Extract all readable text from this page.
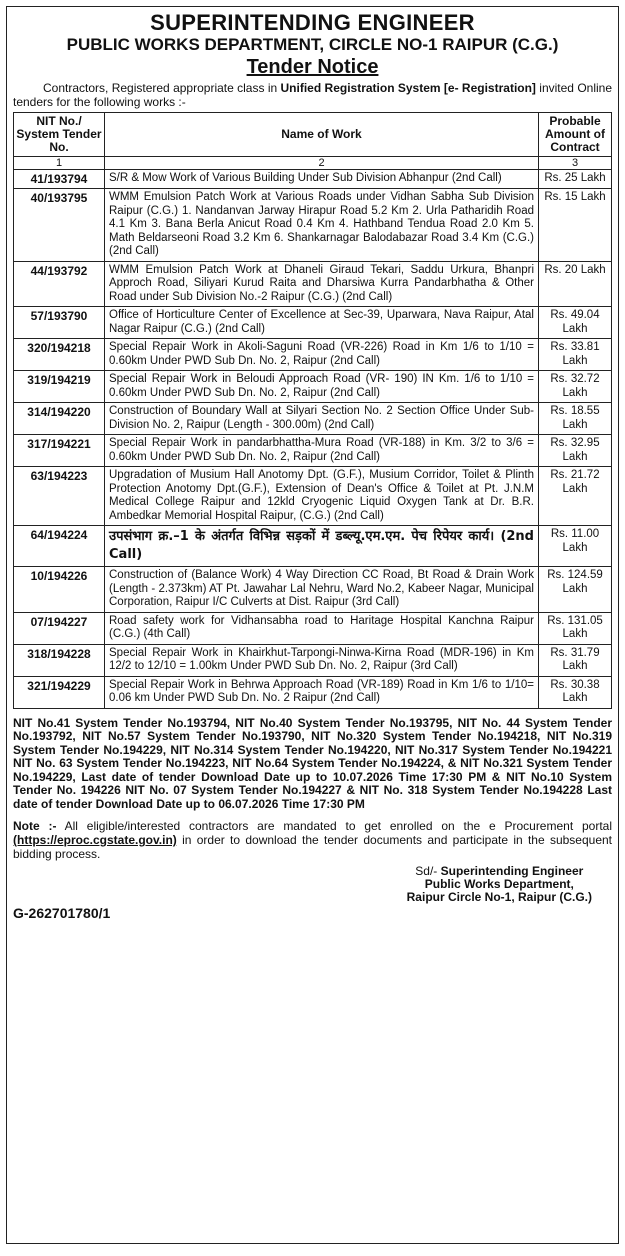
SUPERINTENDING ENGINEER
PUBLIC WORKS DEPARTMENT, CIRCLE NO-1 RAIPUR (C.G.)
Tender Notice
Contractors, Registered appropriate class in Unified Registration System [e- Registration] invited Online tenders for the following works :-
NIT No./ System Tender No.	Name of Work	Probable Amount of Contract
1	2	3
41/193794	S/R & Mow Work of Various Building Under Sub Division Abhanpur (2nd Call)	Rs. 25 Lakh
40/193795	WMM Emulsion Patch Work at Various Roads under Vidhan Sabha Sub Division Raipur (C.G.) 1. Nandanvan Jarway Hirapur Road 5.2 Km 2. Urla Patharidih Road 4.1 Km 3. Bana Berla Anicut Road 0.4 Km 4. Hathband Tendua Road 2.0 Km 5. Math Beldarseoni Road 3.2 Km 6. Shankarnagar Balodabazar Road 3.4 Km (C.G.) (2nd Call)	Rs. 15 Lakh
44/193792	WMM Emulsion Patch Work at Dhaneli Giraud Tekari, Saddu Urkura, Bhanpri Approch Road, Siliyari Kurud Raita and Dharsiwa Kurra Pandarbhatha & Other Road under Sub Division No.-2 Raipur (C.G.) (2nd Call)	Rs. 20 Lakh
57/193790	Office of Horticulture Center of Excellence at Sec-39, Uparwara, Nava Raipur, Atal Nagar Raipur (C.G.) (2nd Call)	Rs. 49.04 Lakh
320/194218	Special Repair Work in Akoli-Saguni Road (VR-226) Road in Km 1/6 to 1/10 = 0.60km Under PWD Sub Dn. No. 2, Raipur (2nd Call)	Rs. 33.81 Lakh
319/194219	Special Repair Work in Beloudi Approach Road (VR- 190) IN Km. 1/6 to 1/10 = 0.60km Under PWD Sub Dn. No. 2, Raipur (2nd Call)	Rs. 32.72 Lakh
314/194220	Construction of Boundary Wall at Silyari Section No. 2 Section Office Under Sub-Division No. 2, Raipur (Length - 300.00m) (2nd Call)	Rs. 18.55 Lakh
317/194221	Special Repair Work in pandarbhattha-Mura Road (VR-188) in Km. 3/2 to 3/6 = 0.60km Under PWD Sub Dn. No. 2, Raipur (2nd Call)	Rs. 32.95 Lakh
63/194223	Upgradation of Musium Hall Anotomy Dpt. (G.F.), Musium Corridor, Toilet & Plinth Protection Anotomy Dpt.(G.F.), Extension of Dean's Office & Toilet at Pt. J.N.M Medical College Raipur and 12kld Cryogenic Liquid Oxygen Tank at Dr. B.R. Ambedkar Memorial Hospital Raipur, (C.G.) (2nd Call)	Rs. 21.72 Lakh
64/194224	उपसंभाग क्र.–1 के अंतर्गत विभिन्न सड़कों में डब्ल्यू.एम.एम. पेच रिपेयर कार्य। (2nd Call)	Rs. 11.00 Lakh
10/194226	Construction of (Balance Work) 4 Way Direction CC Road, Bt Road & Drain Work (Length - 2.373km) AT Pt. Jawahar Lal Nehru, Ward No.2, Kabeer Nagar, Municipal Corporation, Raipur I/C Culverts at Dist. Raipur (3rd Call)	Rs. 124.59 Lakh
07/194227	Road safety work for Vidhansabha road to Haritage Hospital Kanchna Raipur (C.G.) (4th Call)	Rs. 131.05 Lakh
318/194228	Special Repair Work in Khairkhut-Tarpongi-Ninwa-Kirna Road (MDR-196) in Km 12/2 to 12/10 = 1.00km Under PWD Sub Dn. No. 2, Raipur (3rd Call)	Rs. 31.79 Lakh
321/194229	Special Repair Work in Behrwa Approach Road (VR-189) Road in Km 1/6 to 1/10= 0.06 km Under PWD Sub Dn. No. 2 Raipur (2nd Call)	Rs. 30.38 Lakh
NIT No.41 System Tender No.193794, NIT No.40 System Tender No.193795, NIT No. 44 System Tender No.193792, NIT No.57 System Tender No.193790, NIT No.320 System Tender No.194218, NIT No.319 System Tender No.194229, NIT No.314 System Tender No.194220, NIT No.317 System Tender No.194221 NIT No. 63 System Tender No.194223, NIT No.64 System Tender No.194224, & NIT No.321 System Tender No.194229, Last date of tender Download Date up to 10.07.2026 Time 17:30 PM & NIT No.10 System Tender No. 194226 NIT No. 07 System Tender No.194227 & NIT No. 318 System Tender No.194228 Last date of tender Download Date up to 06.07.2026 Time 17:30 PM
Note :- All eligible/interested contractors are mandated to get enrolled on the e Procurement portal (https://eproc.cgstate.gov.in) in order to download the tender documents and participate in the subsequent bidding process.
Sd/- Superintending Engineer
Public Works Department,
Raipur Circle No-1, Raipur (C.G.)
G-262701780/1
